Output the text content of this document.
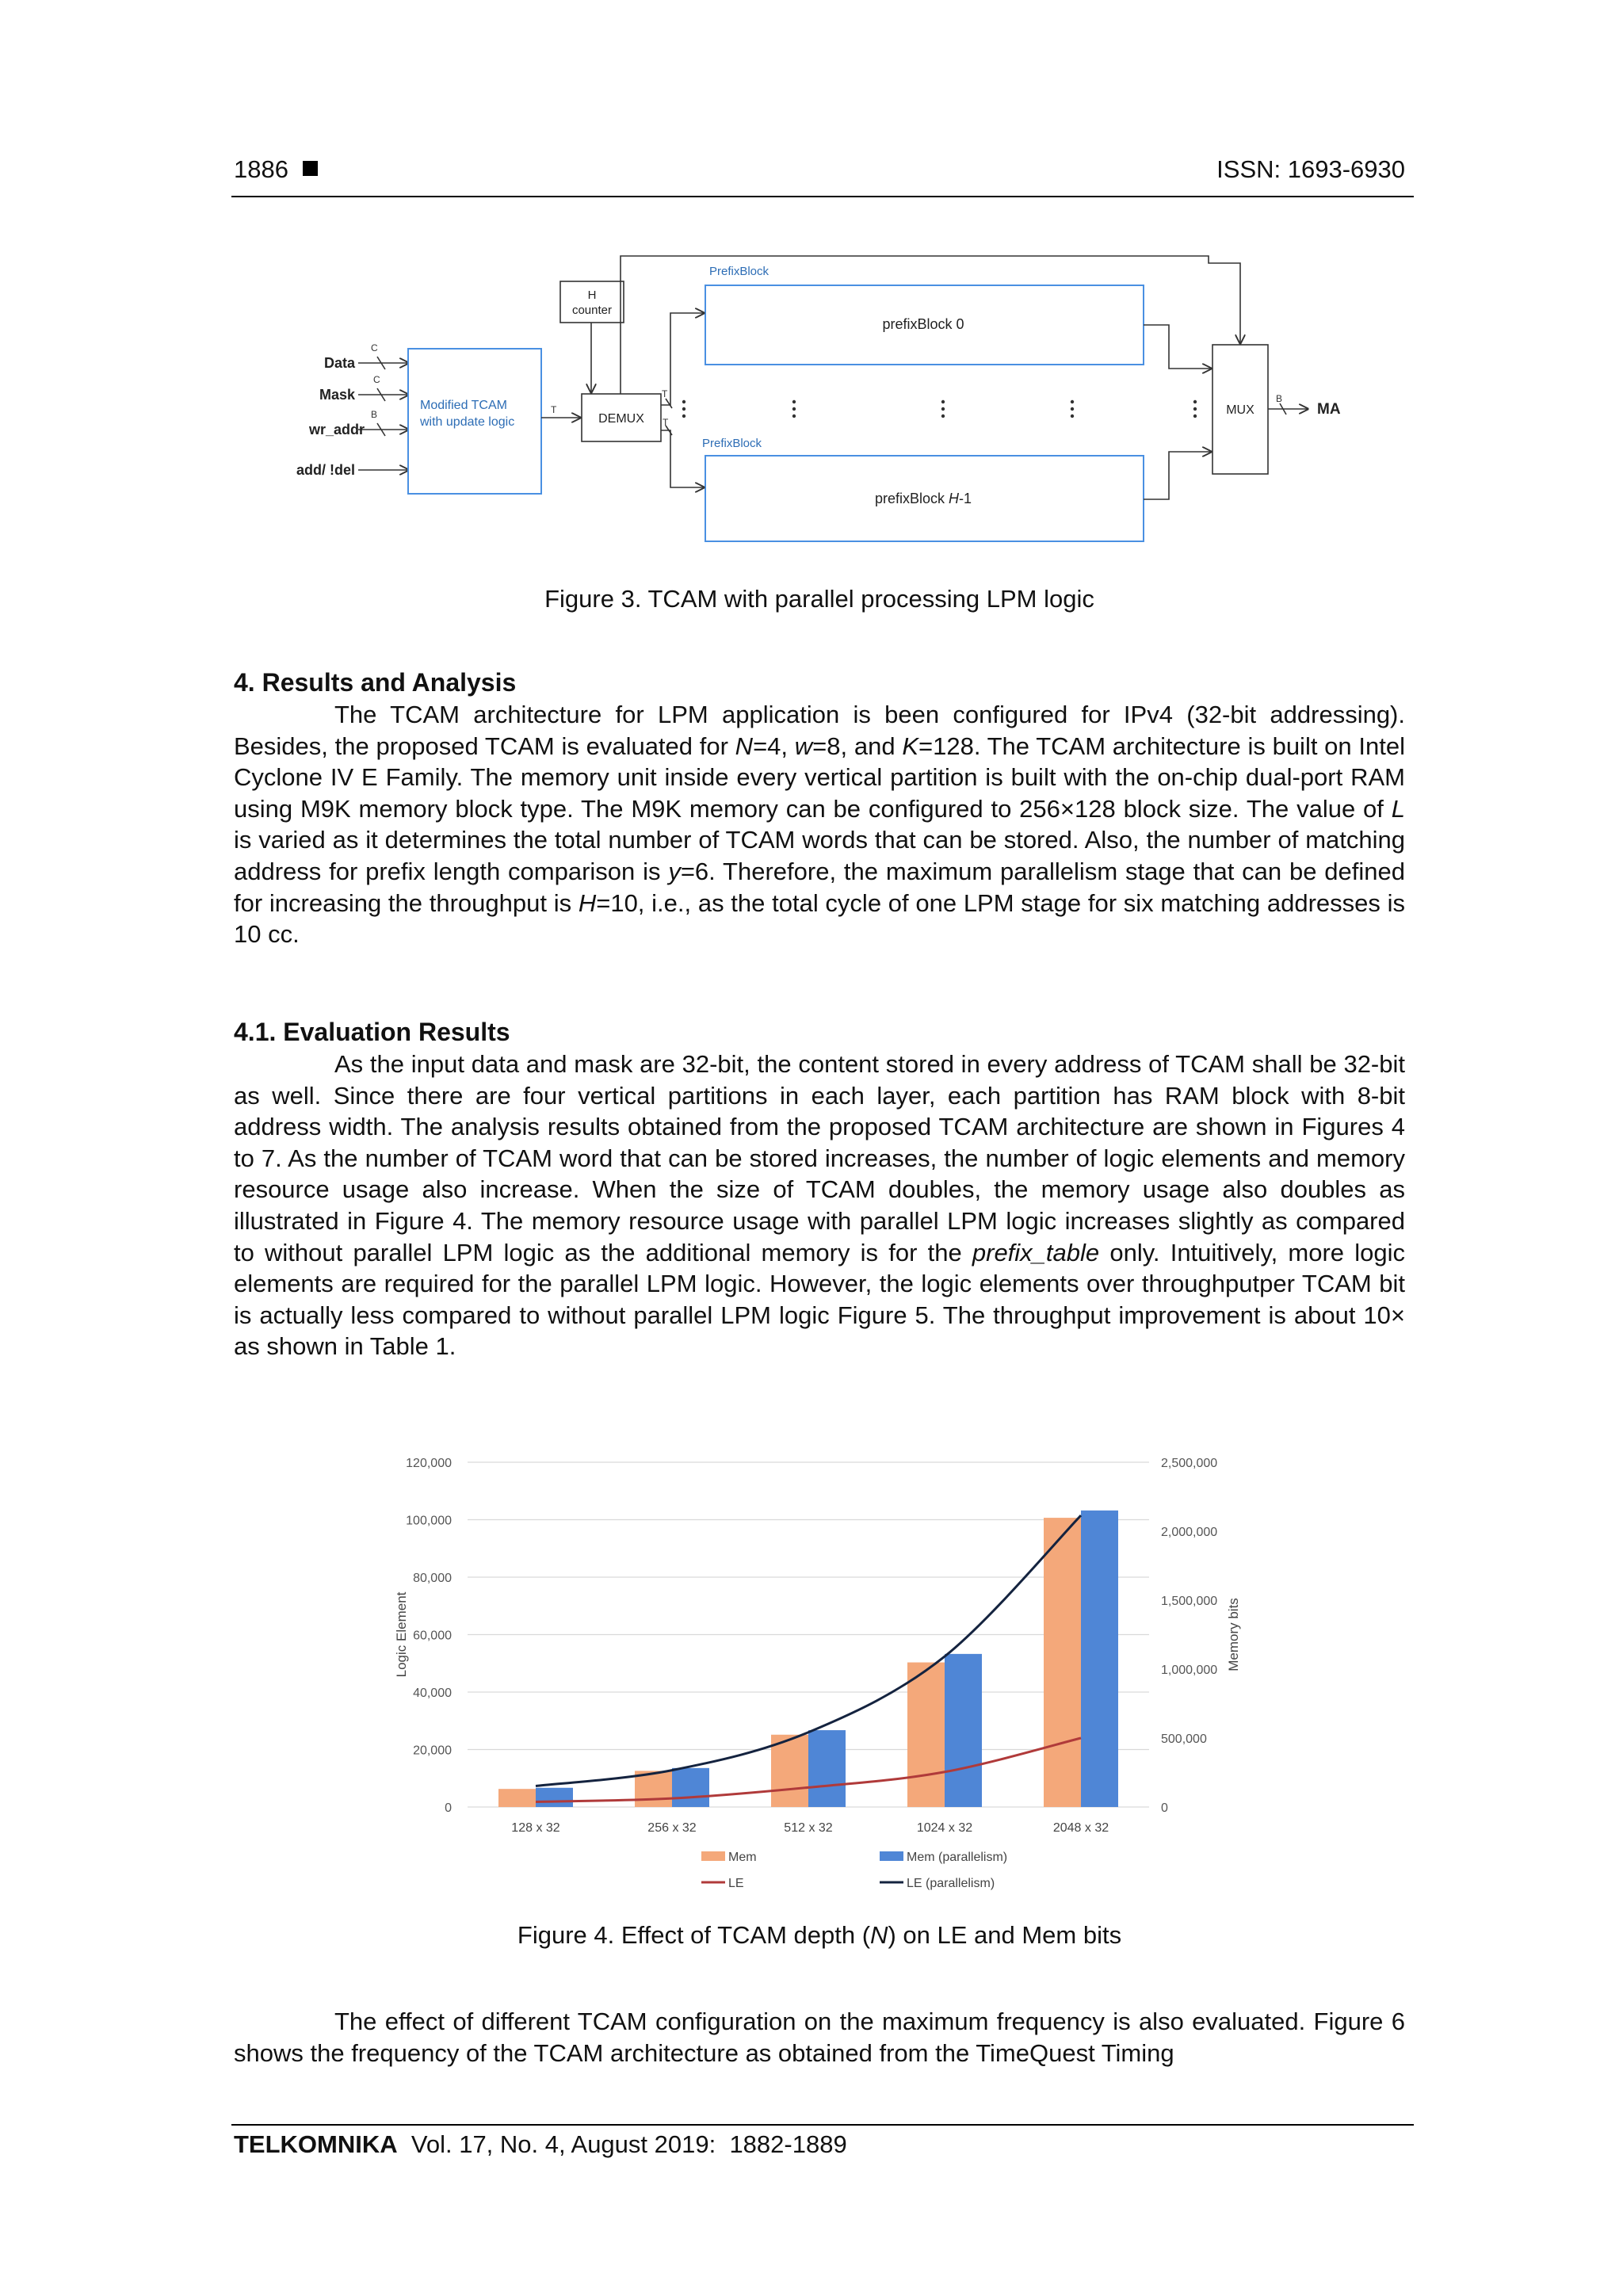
1886	ISSN: 1693-6930
Data
Mask
wr_addr
add/ !del
C
C
B	T
T
T
B
Modified TCAM
with update logic
PrefixBlock
PrefixBlock
H
counter
DEMUX
prefixBlock 0
prefixBlock H-1
MUX	MA
Figure 3. TCAM with parallel processing LPM logic
4. Results and Analysis
The TCAM architecture for LPM application is been configured for IPv4 (32-bit addressing). Besides, the proposed TCAM is evaluated for N=4, w=8, and K=128. The TCAM architecture is built on Intel Cyclone IV E Family. The memory unit inside every vertical partition is built with the on-chip dual-port RAM using M9K memory block type. The M9K memory can be configured to 256×128 block size. The value of L is varied as it determines the total number of TCAM words that can be stored. Also, the number of matching address for prefix length comparison is y=6. Therefore, the maximum parallelism stage that can be defined for increasing the throughput is H=10, i.e., as the total cycle of one LPM stage for six matching addresses is 10 cc.
4.1. Evaluation Results
As the input data and mask are 32-bit, the content stored in every address of TCAM shall be 32-bit as well. Since there are four vertical partitions in each layer, each partition has RAM block with 8-bit address width. The analysis results obtained from the proposed TCAM architecture are shown in Figures 4 to 7. As the number of TCAM word that can be stored increases, the number of logic elements and memory resource usage also increase. When the size of TCAM doubles, the memory usage also doubles as illustrated in Figure 4. The memory resource usage with parallel LPM logic increases slightly as compared to without parallel LPM logic as the additional memory is for the prefix_table only. Intuitively, more logic elements are required for the parallel LPM logic. However, the logic elements over throughputper TCAM bit is actually less compared to without parallel LPM logic Figure 5. The throughput improvement is about 10× as shown in Table 1.
0
20,000
40,000
60,000
80,000
100,000
120,000
0
500,000
1,000,000
1,500,000
2,000,000
2,500,000
128 x 32	256 x 32	512 x 32	1024 x 32	2048 x 32
Logic Element	Memory bits
Mem	Mem (parallelism)
LE	LE (parallelism)
Figure 4. Effect of TCAM depth (N) on LE and Mem bits
The effect of different TCAM configuration on the maximum frequency is also evaluated. Figure 6 shows the frequency of the TCAM architecture as obtained from the TimeQuest Timing
TELKOMNIKA  Vol. 17, No. 4, August 2019:  1882-1889
